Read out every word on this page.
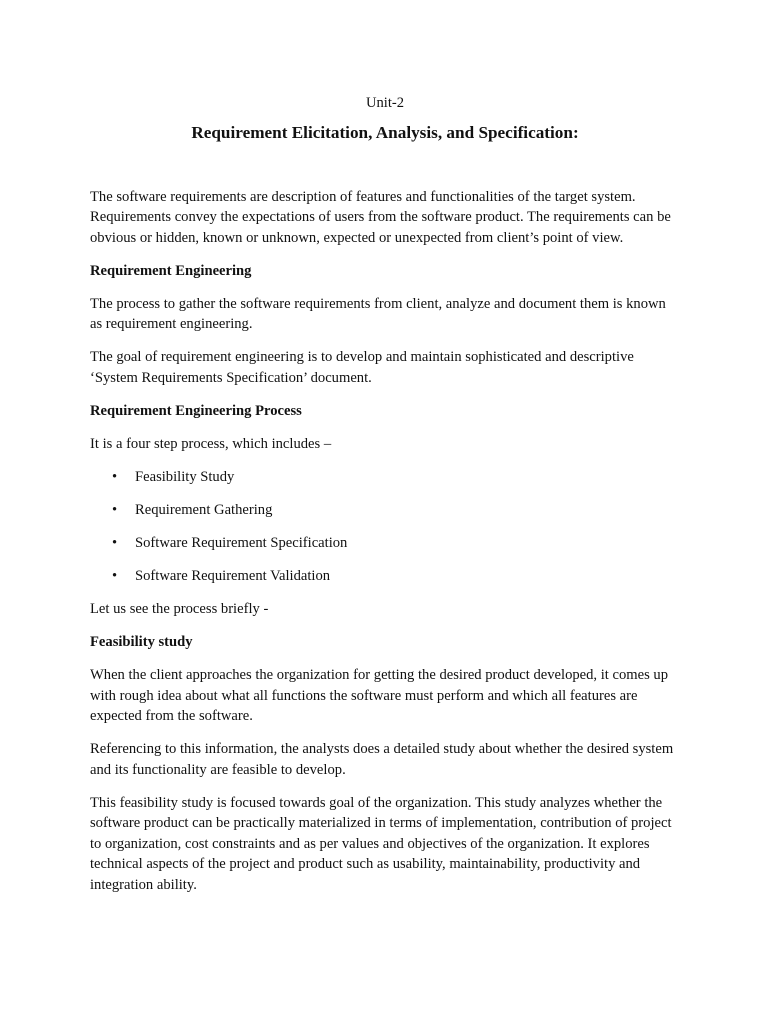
Unit-2
Requirement Elicitation, Analysis, and Specification:

The software requirements are description of features and functionalities of the target system. Requirements convey the expectations of users from the software product. The requirements can be obvious or hidden, known or unknown, expected or unexpected from client’s point of view.

Requirement Engineering

The process to gather the software requirements from client, analyze and document them is known as requirement engineering.

The goal of requirement engineering is to develop and maintain sophisticated and descriptive ‘System Requirements Specification’ document.

Requirement Engineering Process

It is a four step process, which includes –

• Feasibility Study
• Requirement Gathering
• Software Requirement Specification
• Software Requirement Validation

Let us see the process briefly -

Feasibility study

When the client approaches the organization for getting the desired product developed, it comes up with rough idea about what all functions the software must perform and which all features are expected from the software.

Referencing to this information, the analysts does a detailed study about whether the desired system and its functionality are feasible to develop.

This feasibility study is focused towards goal of the organization. This study analyzes whether the software product can be practically materialized in terms of implementation, contribution of project to organization, cost constraints and as per values and objectives of the organization. It explores technical aspects of the project and product such as usability, maintainability, productivity and integration ability.
